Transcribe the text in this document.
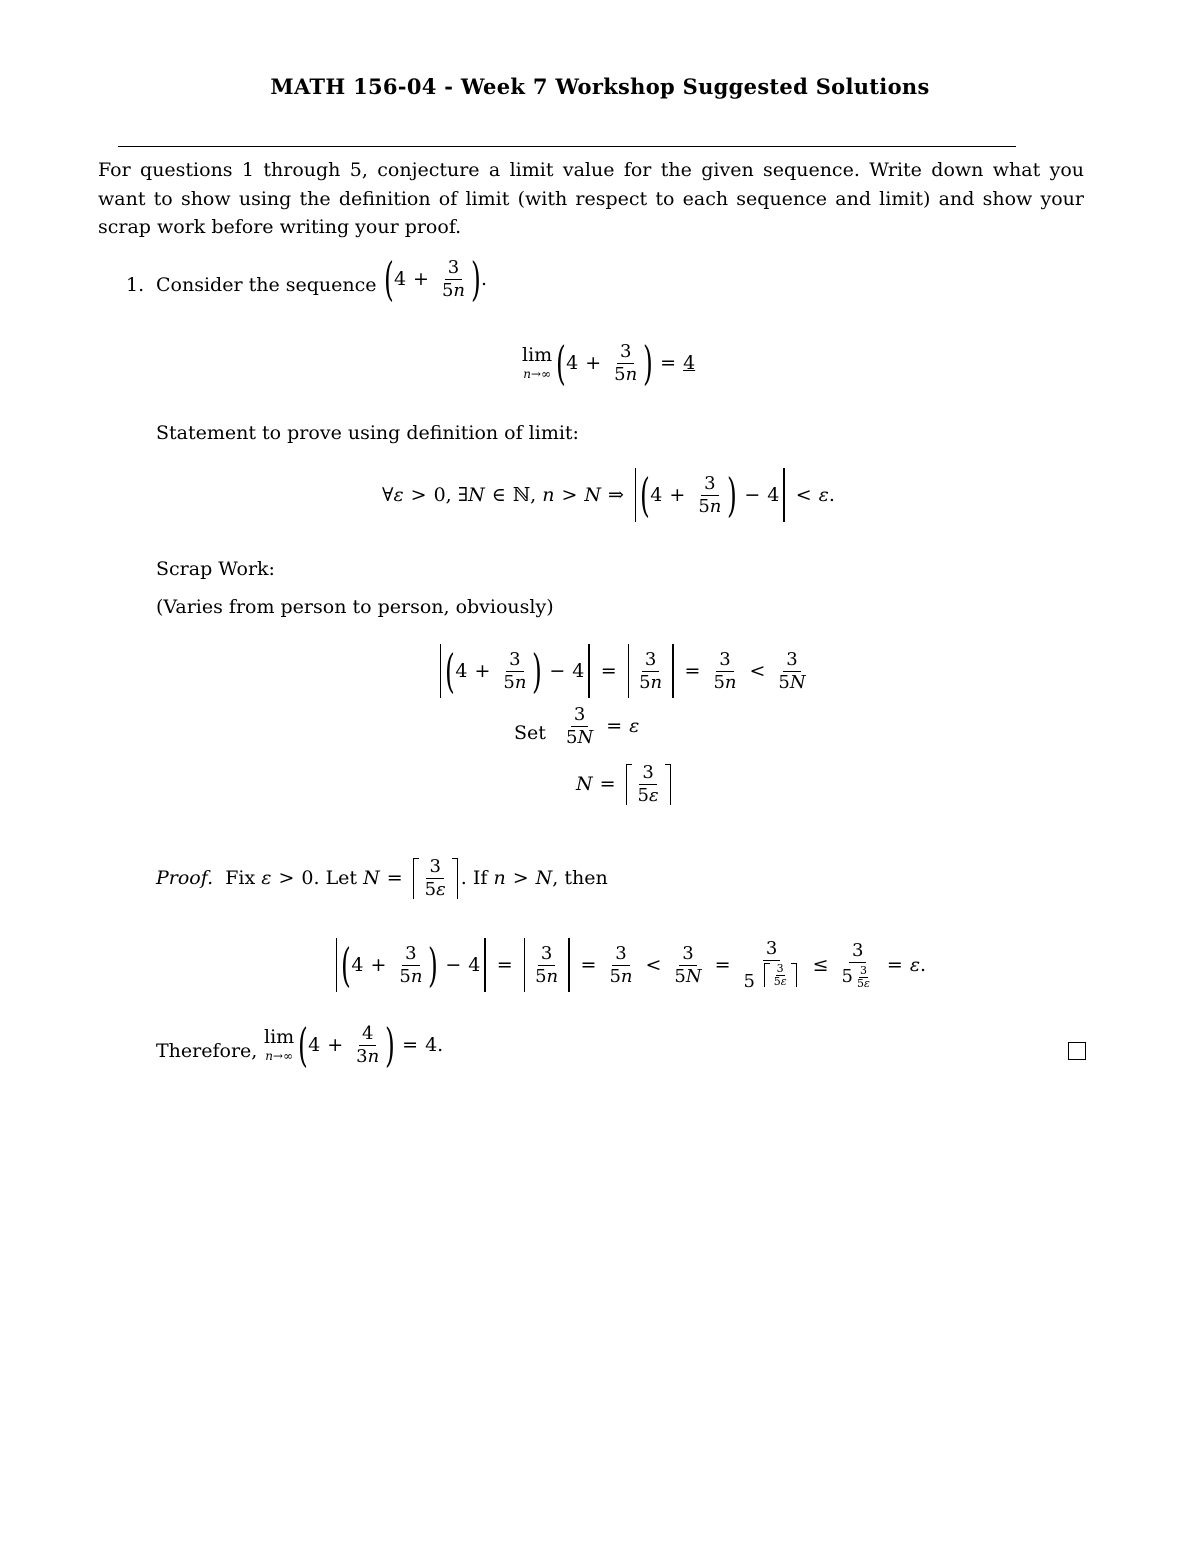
MATH 156-04 - Week 7 Workshop Suggested Solutions
For questions 1 through 5, conjecture a limit value for the given sequence. Write down what you want to show using the definition of limit (with respect to each sequence and limit) and show your scrap work before writing your proof.
1. Consider the sequence ( $4 + \frac{3}{5n}$ ) .
lim
n→∞ ( $4 + \frac{3}{5n}$ ) = 4
Statement to prove using definition of limit:
∀ ε > 0, ∃ N ∈ ℕ, n > N ⇒ ( $4 + \frac{3}{5n}$ ) − 4 < ε .
Scrap Work:
(Varies from person to person, obviously)
( $4 + \frac{3}{5n}$ ) − $4 = \frac{3}{5n} = \frac{3}{5n} < \frac{3}{5N}$
Set $\frac{3}{5N} = \varepsilon$
$N = \frac{3}{5\varepsilon}$
Proof.
Fix
ε > 0. Let
$N = \frac{3}{5\varepsilon}$ . If
n > N , then
( $4 + \frac{3}{5n}$ ) − $4 = \frac{3}{5n} = \frac{3}{5n} < \frac{3}{5N} = \frac{3}{5 \frac{3}{5\varepsilon}} \le \frac{3}{5 \frac{3}{5\varepsilon}} = \varepsilon$ .
Therefore,
lim
n→∞ ( $4 + \frac{4}{3n}$ ) = 4.
